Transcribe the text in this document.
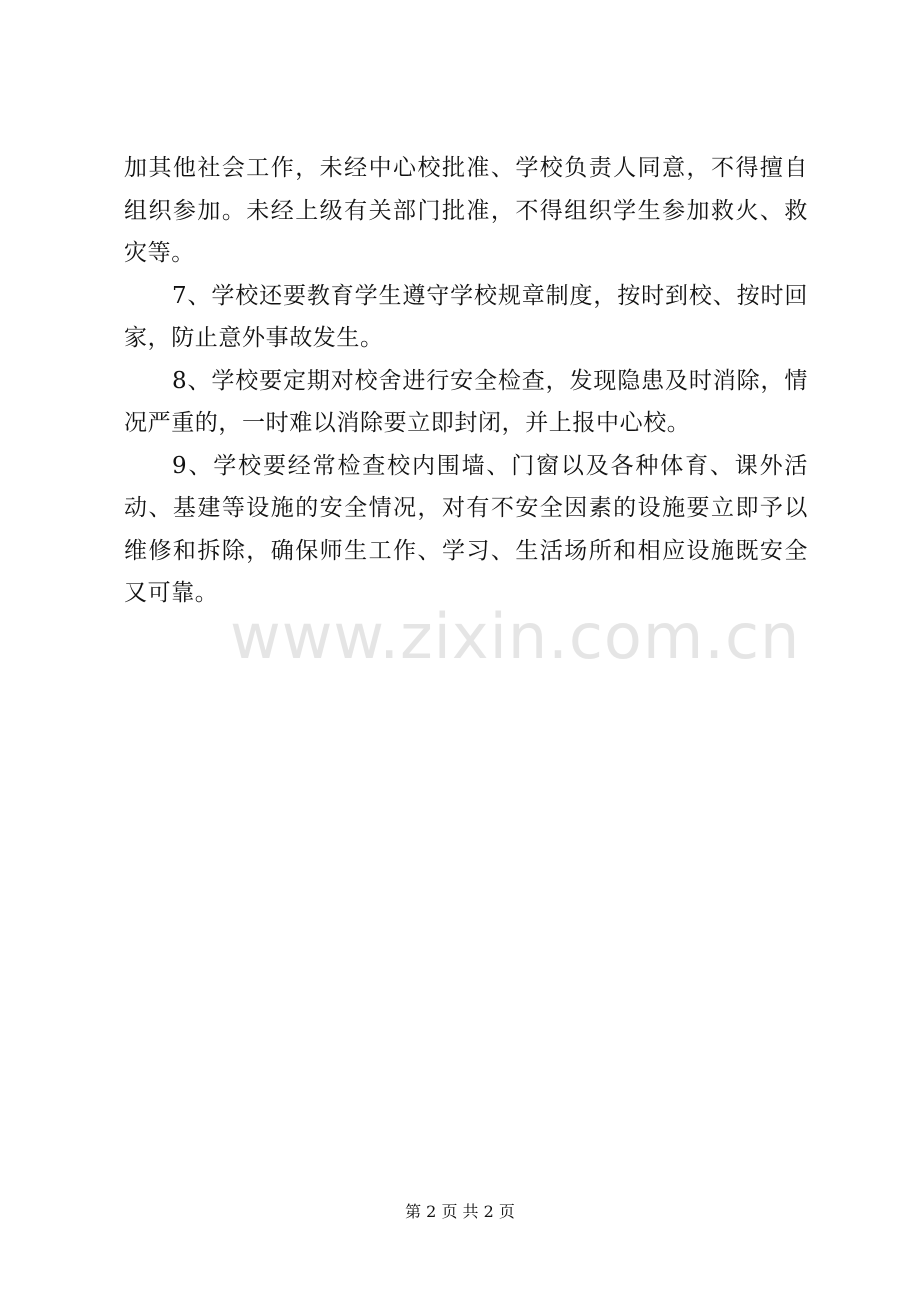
加其他社会工作，未经中心校批准、学校负责人同意，不得擅自组织参加。未经上级有关部门批准，不得组织学生参加救火、救灾等。

7、学校还要教育学生遵守学校规章制度，按时到校、按时回家，防止意外事故发生。

8、学校要定期对校舍进行安全检查，发现隐患及时消除，情况严重的，一时难以消除要立即封闭，并上报中心校。

9、学校要经常检查校内围墙、门窗以及各种体育、课外活动、基建等设施的安全情况，对有不安全因素的设施要立即予以维修和拆除，确保师生工作、学习、生活场所和相应设施既安全又可靠。

www.zixin.com.cn
第 2 页 共 2 页
